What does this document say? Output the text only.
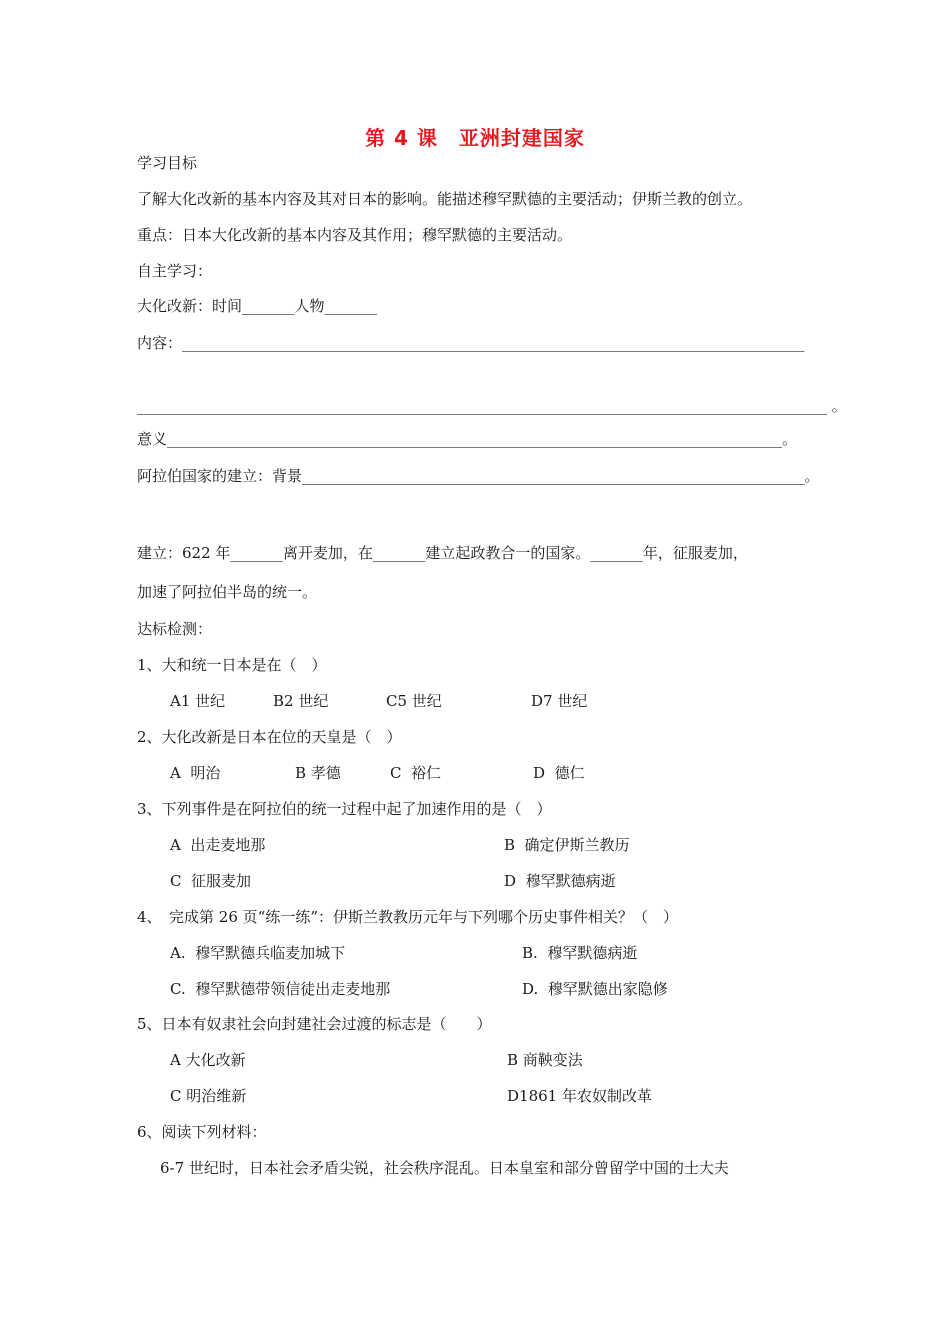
第 4 课　亚洲封建国家
学习目标
了解大化改新的基本内容及其对日本的影响。能描述穆罕默德的主要活动；伊斯兰教的创立。
重点：日本大化改新的基本内容及其作用；穆罕默德的主要活动。
自主学习：
大化改新：时间_______人物_______
内容：___________________________________________________________________________________
____________________________________________________________________________________________ 。
意义__________________________________________________________________________________。
阿拉伯国家的建立：背景___________________________________________________________________。
建立：622 年_______离开麦加，在_______建立起政教合一的国家。_______年，征服麦加，
加速了阿拉伯半岛的统一。
达标检测：
1、大和统一日本是在（　）
A1 世纪	B2 世纪	C5 世纪	D7 世纪
2、大化改新是日本在位的天皇是（　）
A  明治	B 孝德	C  裕仁	D  德仁
3、下列事件是在阿拉伯的统一过程中起了加速作用的是（　）
A  出走麦地那	B  确定伊斯兰教历
C  征服麦加	D  穆罕默德病逝
4、　完成第 26 页“练一练”：伊斯兰教教历元年与下列哪个历史事件相关？（　）
A.  穆罕默德兵临麦加城下	B.  穆罕默德病逝
C.  穆罕默德带领信徒出走麦地那	D.  穆罕默德出家隐修
5、日本有奴隶社会向封建社会过渡的标志是（　　）
A 大化改新	B 商鞅变法
C 明治维新	D1861 年农奴制改革
6、阅读下列材料：
6-7 世纪时，日本社会矛盾尖锐，社会秩序混乱。日本皇室和部分曾留学中国的士大夫
